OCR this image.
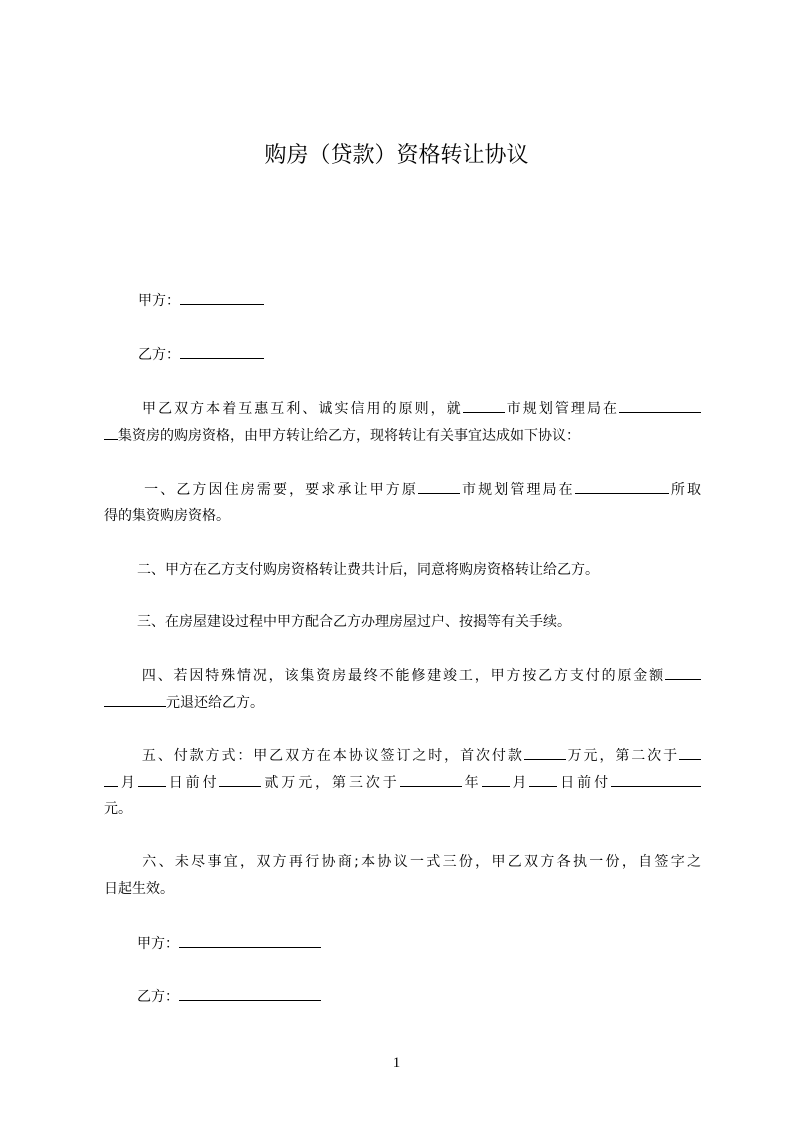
购房（贷款）资格转让协议
甲方：
乙方：
甲乙双方本着互惠互利、诚实信用的原则，就	市规划管理局在
集资房的购房资格，由甲方转让给乙方，现将转让有关事宜达成如下协议：
一、乙方因住房需要，要求承让甲方原	市规划管理局在	所取
得的集资购房资格。
二、甲方在乙方支付购房资格转让费共计后，同意将购房资格转让给乙方。
三、在房屋建设过程中甲方配合乙方办理房屋过户、按揭等有关手续。
四、若因特殊情况，该集资房最终不能修建竣工，甲方按乙方支付的原金额
元退还给乙方。
五、付款方式：甲乙双方在本协议签订之时，首次付款	万元，第二次于
月 日前付	贰万元，第三次于	年 月 日前付
元。
六、未尽事宜，双方再行协商;本协议一式三份，甲乙双方各执一份，自签字之
日起生效。
甲方：
乙方：
1
